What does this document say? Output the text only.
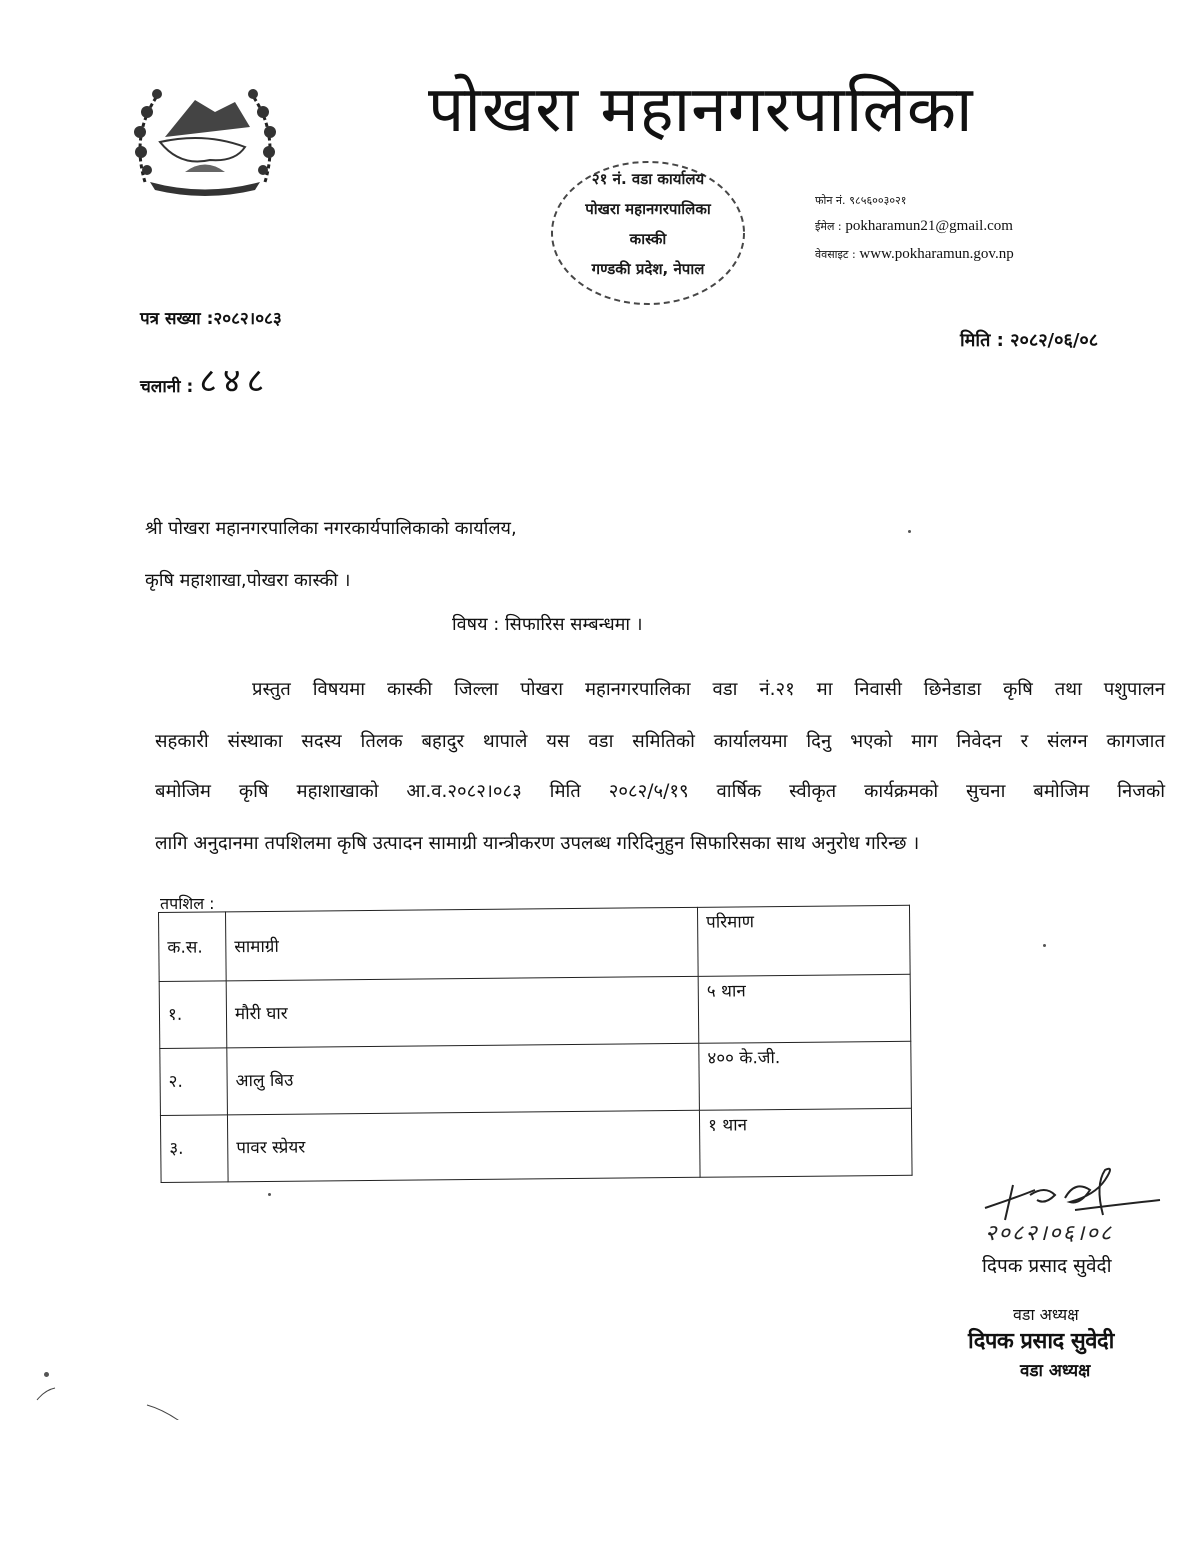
पोखरा महानगरपालिका
२१ नं. वडा कार्यालय
पोखरा महानगरपालिका
कास्की
गण्डकी प्रदेश, नेपाल
फोन नं. ९८५६००३०२१
ईमेल : pokharamun21@gmail.com
वेवसाइट : www.pokharamun.gov.np
पत्र सख्या :२०८२।०८३
चलानी : ८४८
मिति : २०८२/०६/०८
श्री पोखरा महानगरपालिका नगरकार्यपालिकाको कार्यालय,
कृषि महाशाखा,पोखरा कास्की ।
विषय : सिफारिस सम्बन्धमा ।
प्रस्तुत विषयमा कास्की जिल्ला पोखरा महानगरपालिका वडा नं.२१ मा निवासी छिनेडाडा कृषि तथा पशुपालन
सहकारी संस्थाका सदस्य तिलक बहादुर थापाले यस वडा समितिको कार्यालयमा दिनु भएको माग निवेदन र संलग्न कागजात
बमोजिम कृषि महाशाखाको आ.व.२०८२।०८३ मिति २०८२/५/१९ वार्षिक स्वीकृत कार्यक्रमको सुचना बमोजिम निजको
लागि अनुदानमा तपशिलमा कृषि उत्पादन सामाग्री यान्त्रीकरण उपलब्ध गरिदिनुहुन सिफारिसका साथ अनुरोध गरिन्छ ।
तपशिल :
क.स.	सामाग्री	परिमाण
१.	मौरी घार	५ थान
२.	आलु बिउ	४०० के.जी.
३.	पावर स्प्रेयर	१ थान
२०८२।०६।०८
दिपक प्रसाद सुवेदी
वडा अध्यक्ष
दिपक प्रसाद सुवेदी
वडा अध्यक्ष
